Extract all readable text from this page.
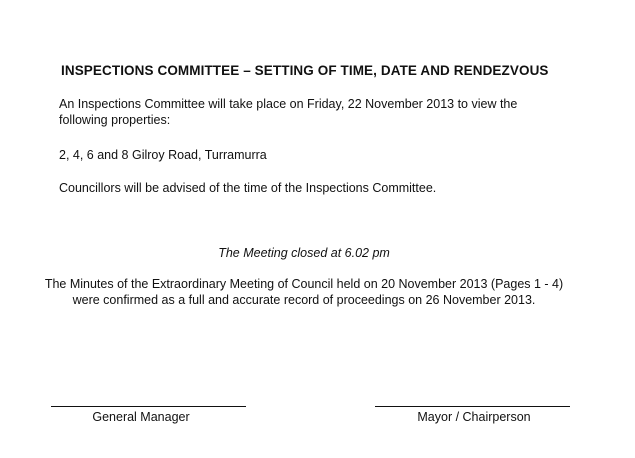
INSPECTIONS COMMITTEE – SETTING OF TIME, DATE AND RENDEZVOUS
An Inspections Committee will take place on Friday, 22 November 2013 to view the
following properties:
2, 4, 6 and 8 Gilroy Road, Turramurra
Councillors will be advised of the time of the Inspections Committee.
The Meeting closed at 6.02 pm
The Minutes of the Extraordinary Meeting of Council held on 20 November 2013 (Pages 1 - 4)
were confirmed as a full and accurate record of proceedings on 26 November 2013.
General Manager	Mayor / Chairperson
